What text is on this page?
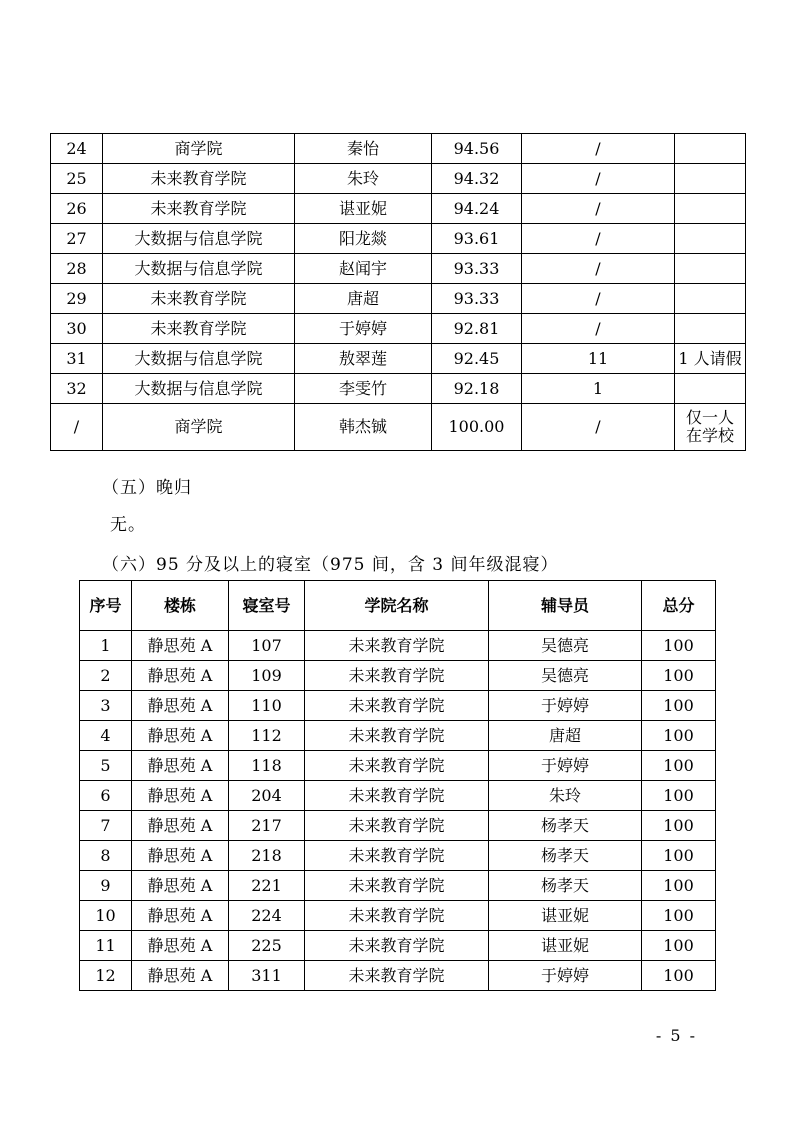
24	商学院	秦怡	94.56	/	
25	未来教育学院	朱玲	94.32	/	
26	未来教育学院	谌亚妮	94.24	/	
27	大数据与信息学院	阳龙燚	93.61	/	
28	大数据与信息学院	赵闻宇	93.33	/	
29	未来教育学院	唐超	93.33	/	
30	未来教育学院	于婷婷	92.81	/	
31	大数据与信息学院	敖翠莲	92.45	11	1 人请假
32	大数据与信息学院	李雯竹	92.18	1	
/	商学院	韩杰铖	100.00	/	仅一人
在学校
（五）晚归
无。
（六）95 分及以上的寝室（975 间，含 3 间年级混寝）
序号	楼栋	寝室号	学院名称	辅导员	总分
1	静思苑 A	107	未来教育学院	吴德亮	100
2	静思苑 A	109	未来教育学院	吴德亮	100
3	静思苑 A	110	未来教育学院	于婷婷	100
4	静思苑 A	112	未来教育学院	唐超	100
5	静思苑 A	118	未来教育学院	于婷婷	100
6	静思苑 A	204	未来教育学院	朱玲	100
7	静思苑 A	217	未来教育学院	杨孝天	100
8	静思苑 A	218	未来教育学院	杨孝天	100
9	静思苑 A	221	未来教育学院	杨孝天	100
10	静思苑 A	224	未来教育学院	谌亚妮	100
11	静思苑 A	225	未来教育学院	谌亚妮	100
12	静思苑 A	311	未来教育学院	于婷婷	100
- 5 -
